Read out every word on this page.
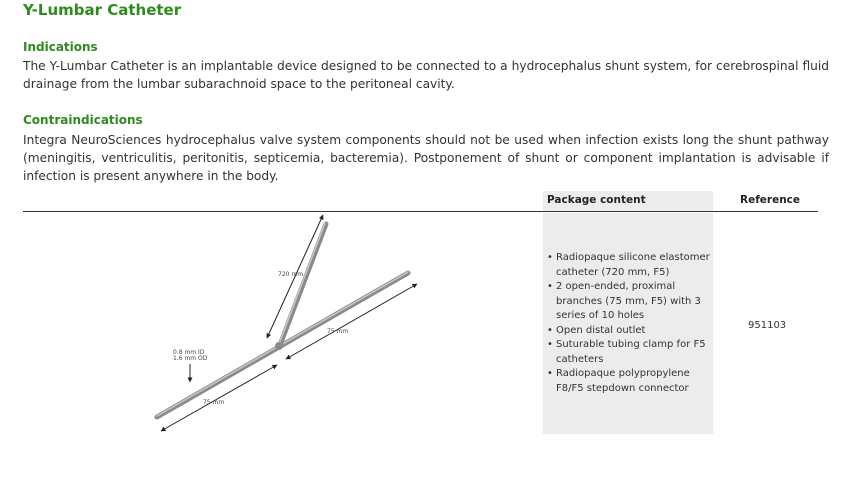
Y-Lumbar Catheter
Indications

The Y-Lumbar Catheter is an implantable device designed to be connected to a hydrocephalus shunt system, for cerebrospinal fluid drainage from the lumbar subarachnoid space to the peritoneal cavity.

Contraindications

Integra NeuroSciences hydrocephalus valve system components should not be used when infection exists long the shunt pathway (meningitis, ventriculitis, peritonitis, septicemia, bacteremia). Postponement of shunt or component implantation is advisable if infection is present anywhere in the body.

Package content	Reference
• Radiopaque silicone elastomer catheter (720 mm, F5)
• 2 open-ended, proximal branches (75 mm, F5) with 3 series of 10 holes
• Open distal outlet
• Suturable tubing clamp for F5 catheters
• Radiopaque polypropylene F8/F5 stepdown connector
951103
720 mm
75 mm
75 mm
0.8 mm ID
1.6 mm OD
